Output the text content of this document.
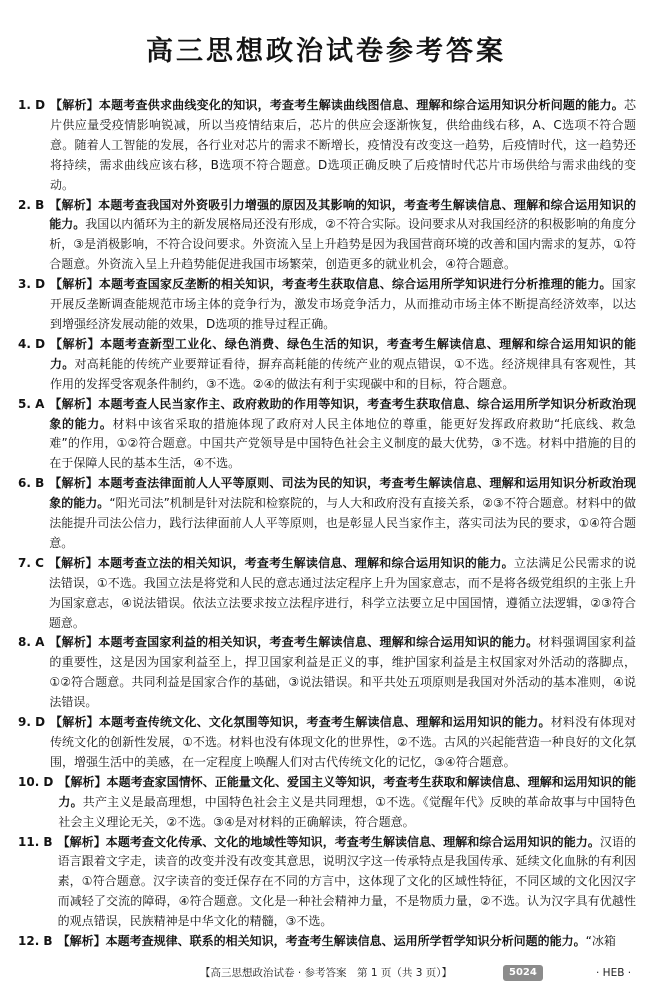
高三思想政治试卷参考答案
1. D 【解析】本题考查供求曲线变化的知识，考查考生解读曲线图信息、理解和综合运用知识分析问题的能力。芯片供应量受疫情影响锐减，所以当疫情结束后，芯片的供应会逐渐恢复，供给曲线右移，A、C选项不符合题意。随着人工智能的发展，各行业对芯片的需求不断增长，疫情没有改变这一趋势，后疫情时代，这一趋势还将持续，需求曲线应该右移，B选项不符合题意。D选项正确反映了后疫情时代芯片市场供给与需求曲线的变动。

2. B 【解析】本题考查我国对外资吸引力增强的原因及其影响的知识，考查考生解读信息、理解和综合运用知识的能力。我国以内循环为主的新发展格局还没有形成，②不符合实际。设问要求从对我国经济的积极影响的角度分析，③是消极影响，不符合设问要求。外资流入呈上升趋势是因为我国营商环境的改善和国内需求的复苏，①符合题意。外资流入呈上升趋势能促进我国市场繁荣，创造更多的就业机会，④符合题意。

3. D 【解析】本题考查国家反垄断的相关知识，考查考生获取信息、综合运用所学知识进行分析推理的能力。国家开展反垄断调查能规范市场主体的竞争行为，激发市场竞争活力，从而推动市场主体不断提高经济效率，以达到增强经济发展动能的效果，D选项的推导过程正确。

4. D 【解析】本题考查新型工业化、绿色消费、绿色生活的知识，考查考生解读信息、理解和综合运用知识的能力。对高耗能的传统产业要辩证看待，摒弃高耗能的传统产业的观点错误，①不选。经济规律具有客观性，其作用的发挥受客观条件制约，③不选。②④的做法有利于实现碳中和的目标，符合题意。

5. A 【解析】本题考查人民当家作主、政府救助的作用等知识，考查考生获取信息、综合运用所学知识分析政治现象的能力。材料中该省采取的措施体现了政府对人民主体地位的尊重，能更好发挥政府救助“托底线、救急难”的作用，①②符合题意。中国共产党领导是中国特色社会主义制度的最大优势，③不选。材料中措施的目的在于保障人民的基本生活，④不选。

6. B 【解析】本题考查法律面前人人平等原则、司法为民的知识，考查考生解读信息、理解和运用知识分析政治现象的能力。“阳光司法”机制是针对法院和检察院的，与人大和政府没有直接关系，②③不符合题意。材料中的做法能提升司法公信力，践行法律面前人人平等原则，也是彰显人民当家作主，落实司法为民的要求，①④符合题意。

7. C 【解析】本题考查立法的相关知识，考查考生解读信息、理解和综合运用知识的能力。立法满足公民需求的说法错误，①不选。我国立法是将党和人民的意志通过法定程序上升为国家意志，而不是将各级党组织的主张上升为国家意志，④说法错误。依法立法要求按立法程序进行，科学立法要立足中国国情，遵循立法逻辑，②③符合题意。

8. A 【解析】本题考查国家利益的相关知识，考查考生解读信息、理解和综合运用知识的能力。材料强调国家利益的重要性，这是因为国家利益至上，捍卫国家利益是正义的事，维护国家利益是主权国家对外活动的落脚点，①②符合题意。共同利益是国家合作的基础，③说法错误。和平共处五项原则是我国对外活动的基本准则，④说法错误。

9. D 【解析】本题考查传统文化、文化氛围等知识，考查考生解读信息、理解和运用知识的能力。材料没有体现对传统文化的创新性发展，①不选。材料也没有体现文化的世界性，②不选。古风的兴起能营造一种良好的文化氛围，增强生活中的美感，在一定程度上唤醒人们对古代传统文化的记忆，③④符合题意。

10. D 【解析】本题考查家国情怀、正能量文化、爱国主义等知识，考查考生获取和解读信息、理解和运用知识的能力。共产主义是最高理想，中国特色社会主义是共同理想，①不选。《觉醒年代》反映的革命故事与中国特色社会主义理论无关，②不选。③④是对材料的正确解读，符合题意。

11. B 【解析】本题考查文化传承、文化的地域性等知识，考查考生解读信息、理解和综合运用知识的能力。汉语的语言跟着文字走，读音的改变并没有改变其意思，说明汉字这一传承特点是我国传承、延续文化血脉的有利因素，①符合题意。汉字读音的变迁保存在不同的方言中，这体现了文化的区域性特征，不同区域的文化因汉字而减轻了交流的障碍，④符合题意。文化是一种社会精神力量，不是物质力量，②不选。认为汉字具有优越性的观点错误，民族精神是中华文化的精髓，③不选。

12. B 【解析】本题考查规律、联系的相关知识，考查考生解读信息、运用所学哲学知识分析问题的能力。“冰箱

【高三思想政治试卷 · 参考答案　第 1 页（共 3 页）】	5024	· HEB ·
